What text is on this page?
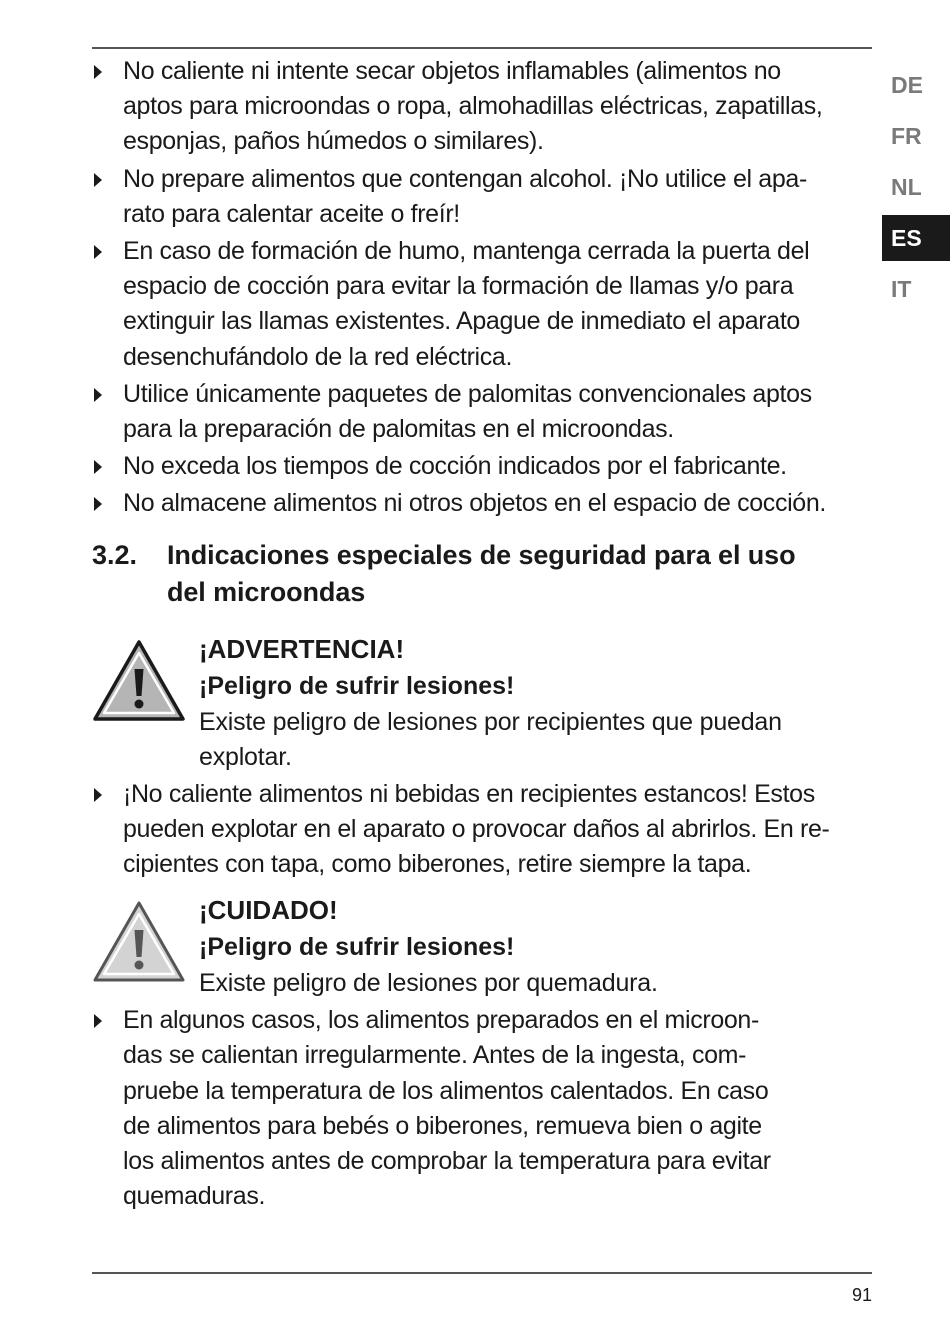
DE
FR
NL
ES
IT
No caliente ni intente secar objetos inflamables (alimentos no
aptos para microondas o ropa, almohadillas eléctricas, zapatillas,
esponjas, paños húmedos o similares).
No prepare alimentos que contengan alcohol. ¡No utilice el apa-
rato para calentar aceite o freír!
En caso de formación de humo, mantenga cerrada la puerta del
espacio de cocción para evitar la formación de llamas y/o para
extinguir las llamas existentes. Apague de inmediato el aparato
desenchufándolo de la red eléctrica.
Utilice únicamente paquetes de palomitas convencionales aptos
para la preparación de palomitas en el microondas.
No exceda los tiempos de cocción indicados por el fabricante.
No almacene alimentos ni otros objetos en el espacio de cocción.
3.2. Indicaciones especiales de seguridad para el uso
del microondas
¡ADVERTENCIA!
¡Peligro de sufrir lesiones!
Existe peligro de lesiones por recipientes que puedan
explotar.
¡No caliente alimentos ni bebidas en recipientes estancos! Estos
pueden explotar en el aparato o provocar daños al abrirlos. En re-
cipientes con tapa, como biberones, retire siempre la tapa.
¡CUIDADO!
¡Peligro de sufrir lesiones!
Existe peligro de lesiones por quemadura.
En algunos casos, los alimentos preparados en el microon-
das se calientan irregularmente. Antes de la ingesta, com-
pruebe la temperatura de los alimentos calentados. En caso
de alimentos para bebés o biberones, remueva bien o agite
los alimentos antes de comprobar la temperatura para evitar
quemaduras.
91
